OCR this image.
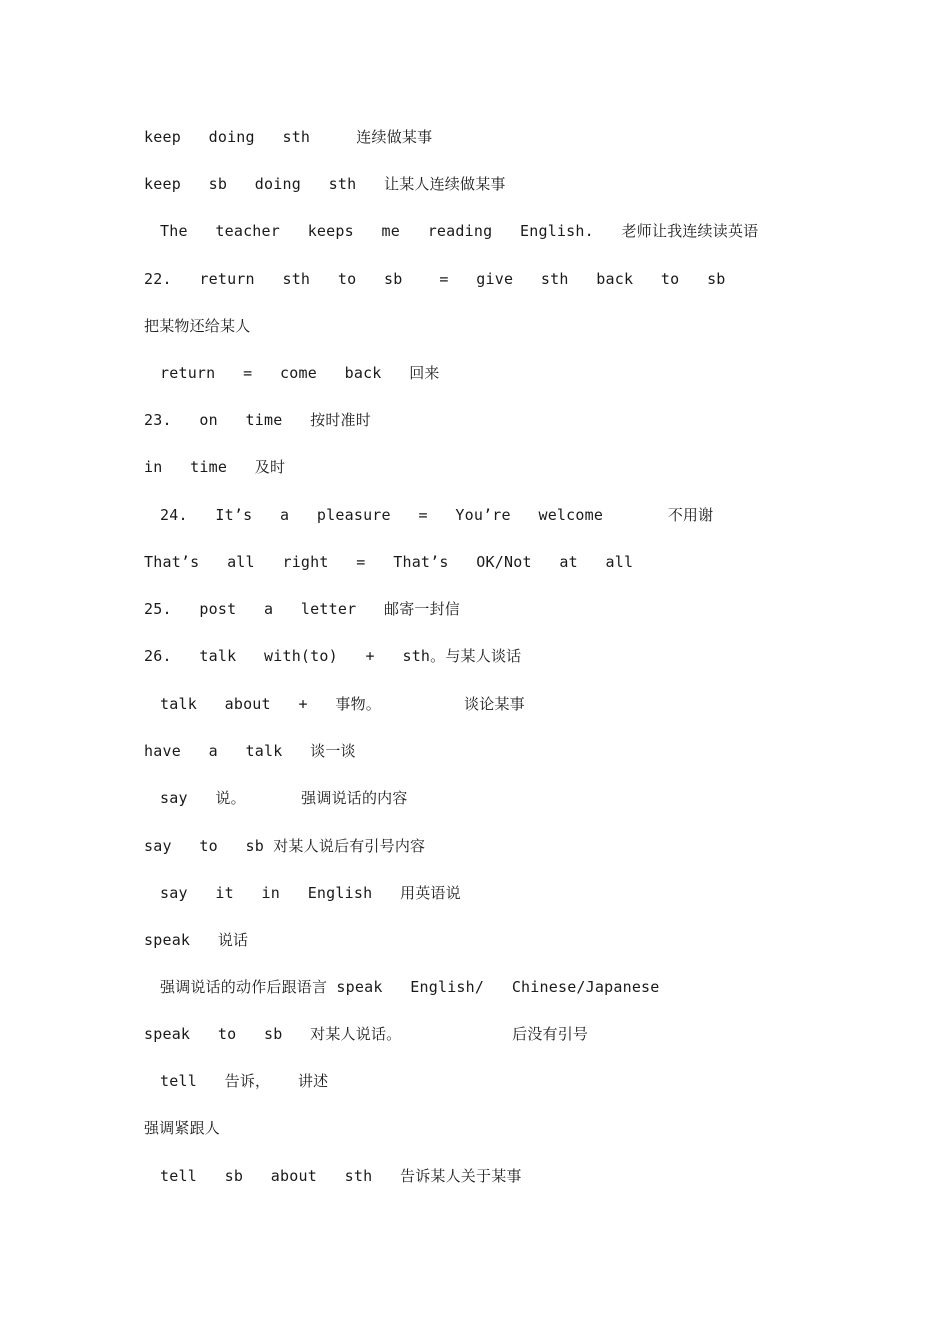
keep   doing   sth     连续做某事
keep   sb   doing   sth   让某人连续做某事
The   teacher   keeps   me   reading   English.   老师让我连续读英语
22.   return   sth   to   sb    =   give   sth   back   to   sb
把某物还给某人
return   =   come   back   回来
23.   on   time   按时准时
in   time   及时
24.   It’s   a   pleasure   =   You’re   welcome       不用谢
That’s   all   right   =   That’s   OK/Not   at   all
25.   post   a   letter   邮寄一封信
26.   talk   with(to)   +   sth。与某人谈话
talk   about   +   事物。         谈论某事
have   a   talk   谈一谈
say   说。      强调说话的内容
say   to   sb 对某人说后有引号内容
say   it   in   English   用英语说
speak   说话
强调说话的动作后跟语言 speak   English/   Chinese/Japanese
speak   to   sb   对某人说话。            后没有引号
tell   告诉，   讲述
强调紧跟人
tell   sb   about   sth   告诉某人关于某事
